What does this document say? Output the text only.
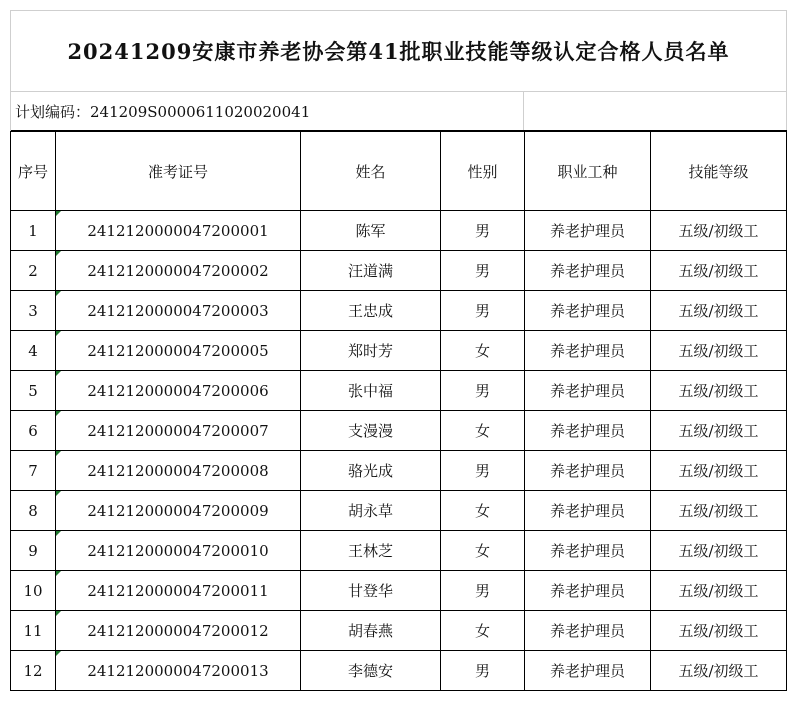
20241209安康市养老协会第41批职业技能等级认定合格人员名单
计划编码：241209S0000611020020041
序号	准考证号	姓名	性别	职业工种	技能等级
1	2412120000047200001	陈军	男	养老护理员	五级/初级工
2	2412120000047200002	汪道满	男	养老护理员	五级/初级工
3	2412120000047200003	王忠成	男	养老护理员	五级/初级工
4	2412120000047200005	郑时芳	女	养老护理员	五级/初级工
5	2412120000047200006	张中福	男	养老护理员	五级/初级工
6	2412120000047200007	支漫漫	女	养老护理员	五级/初级工
7	2412120000047200008	骆光成	男	养老护理员	五级/初级工
8	2412120000047200009	胡永草	女	养老护理员	五级/初级工
9	2412120000047200010	王林芝	女	养老护理员	五级/初级工
10	2412120000047200011	甘登华	男	养老护理员	五级/初级工
11	2412120000047200012	胡春燕	女	养老护理员	五级/初级工
12	2412120000047200013	李德安	男	养老护理员	五级/初级工
